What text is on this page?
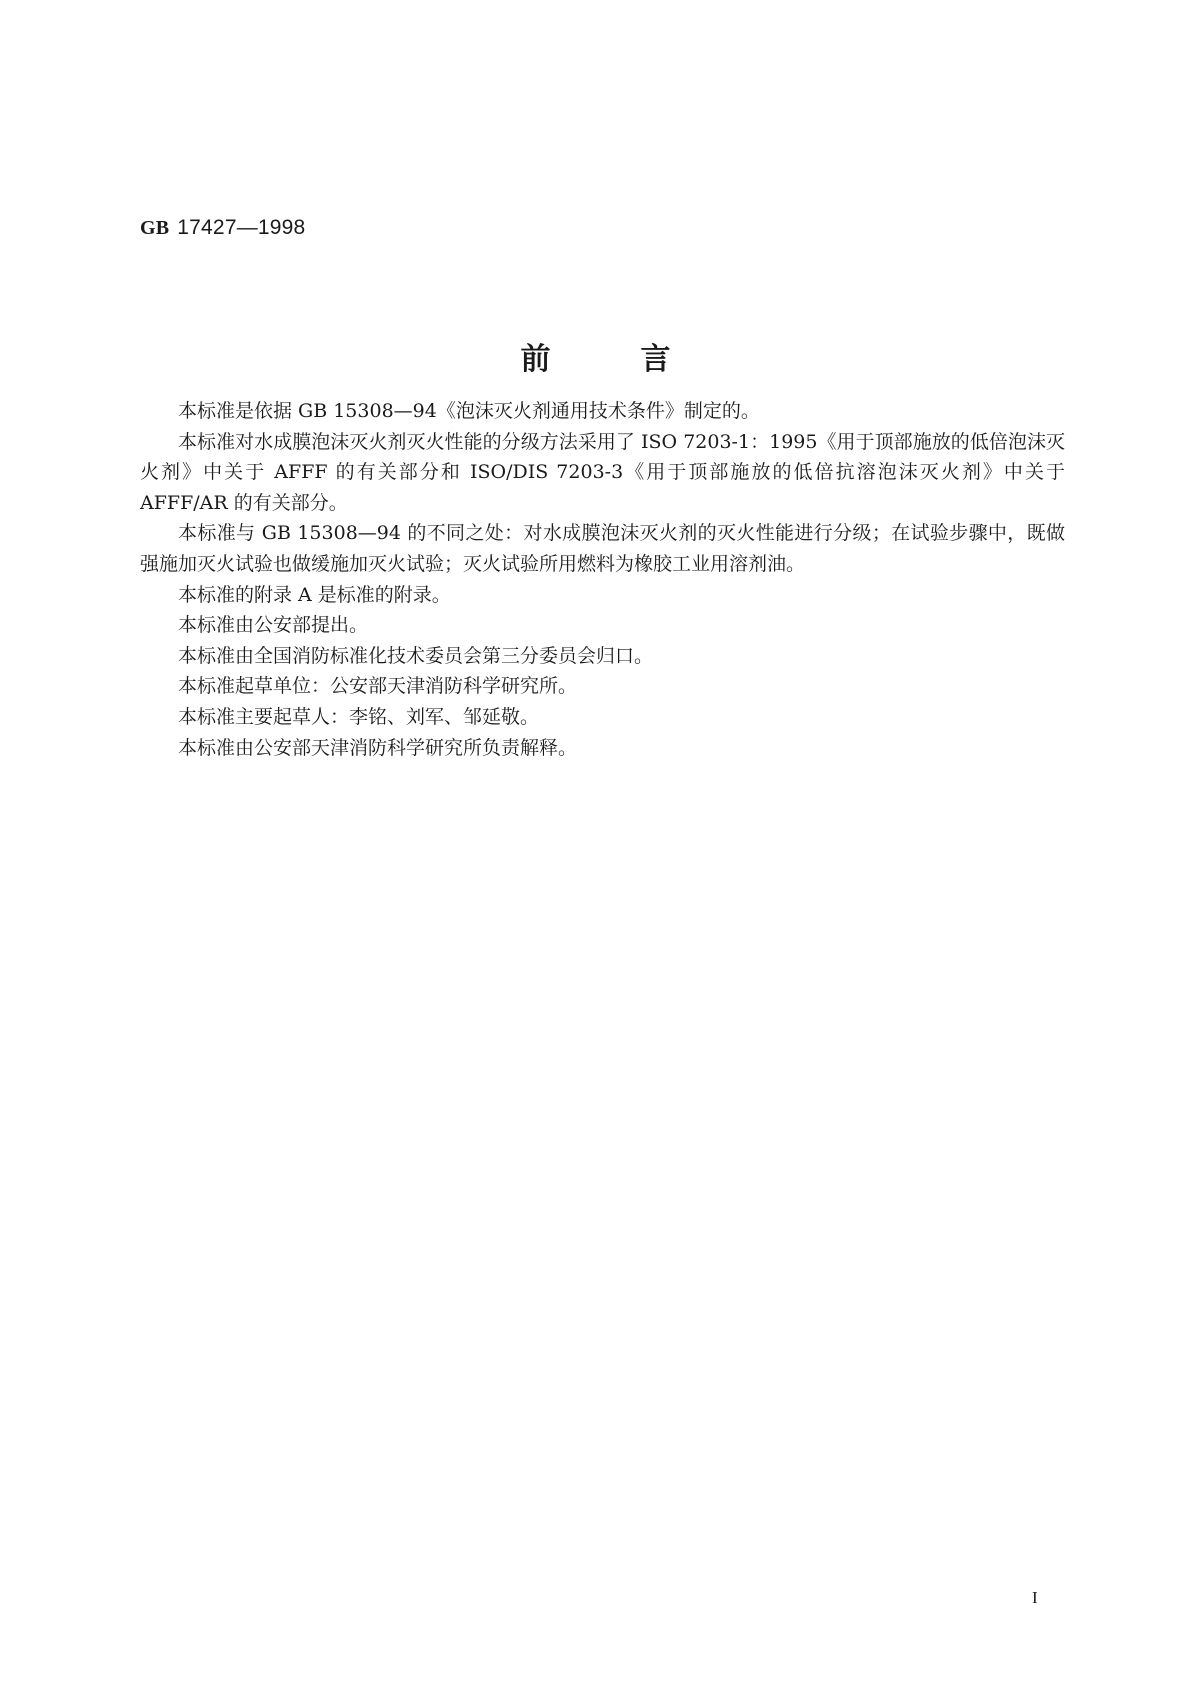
GB 17427—1998
前言

本标准是依据 GB 15308—94《泡沫灭火剂通用技术条件》制定的。

本标准对水成膜泡沫灭火剂灭火性能的分级方法采用了 ISO 7203-1：1995《用于顶部施放的低倍泡沫灭火剂》中关于 AFFF 的有关部分和 ISO/DIS 7203-3《用于顶部施放的低倍抗溶泡沫灭火剂》中关于 AFFF/AR 的有关部分。

本标准与 GB 15308—94 的不同之处：对水成膜泡沫灭火剂的灭火性能进行分级；在试验步骤中，既做强施加灭火试验也做缓施加灭火试验；灭火试验所用燃料为橡胶工业用溶剂油。

本标准的附录 A 是标准的附录。

本标准由公安部提出。

本标准由全国消防标准化技术委员会第三分委员会归口。

本标准起草单位：公安部天津消防科学研究所。

本标准主要起草人：李铭、刘军、邹延敬。

本标准由公安部天津消防科学研究所负责解释。

I
